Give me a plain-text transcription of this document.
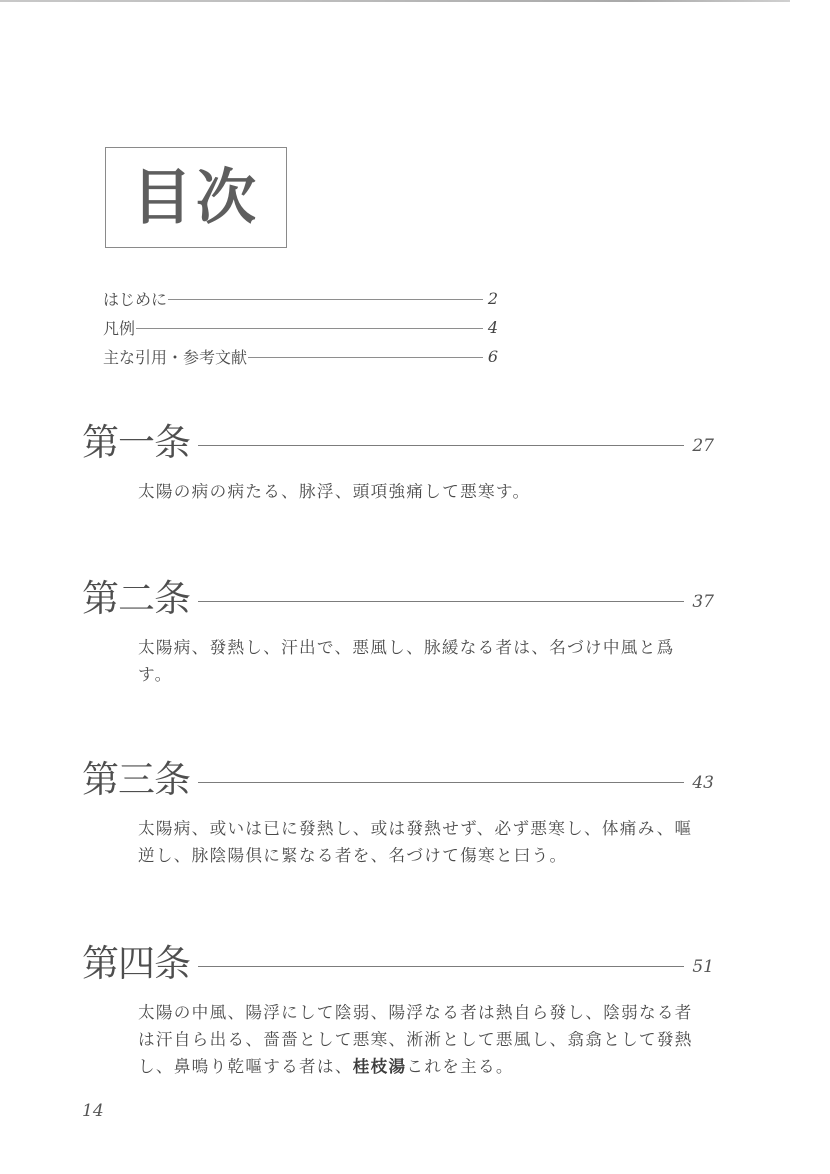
目次
はじめに	2
凡例	4
主な引用・参考文献	6
第一条	27
太陽の病の病たる、脉浮、頭項強痛して悪寒す。
第二条	37
太陽病、發熱し、汗出で、悪風し、脉緩なる者は、名づけ中風と爲す。
第三条	43
太陽病、或いは已に發熱し、或は發熱せず、必ず悪寒し、体痛み、嘔逆し、脉陰陽倶に緊なる者を、名づけて傷寒と曰う。
第四条	51
太陽の中風、陽浮にして陰弱、陽浮なる者は熱自ら發し、陰弱なる者は汗自ら出る、嗇嗇として悪寒、淅淅として悪風し、翕翕として發熱し、鼻鳴り乾嘔する者は、桂枝湯これを主る。
14
